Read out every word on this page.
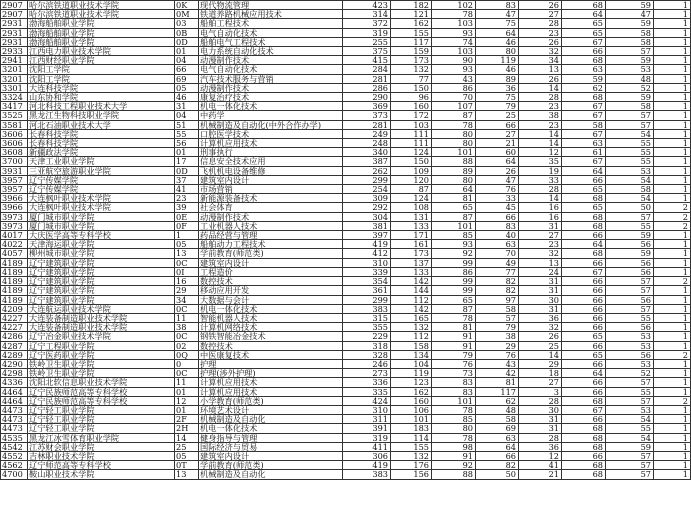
2907	哈尔滨铁道职业技术学院	0K	现代物流管理	423	182	102	83	26	68	59	1
2907	哈尔滨铁道职业技术学院	0M	铁道养路机械应用技术	314	121	78	47	27	64	47	1
2931	渤海船舶职业学院	03	船舶工程技术	372	162	103	75	28	65	59	1
2931	渤海船舶职业学院	0B	电气自动化技术	319	155	93	64	23	65	58	1
2931	渤海船舶职业学院	0D	船舶电气工程技术	255	117	74	46	26	67	58	1
2933	江西电力职业技术学院	01	电力系统自动化技术	375	159	103	80	32	66	57	1
2941	江西财经职业学院	04	动漫制作技术	415	173	90	119	34	68	59	1
3201	沈阳工学院	66	电气自动化技术	284	132	93	46	13	63	53	1
3201	沈阳工学院	69	汽车技术服务与营销	281	77	43	89	26	59	48	1
3301	大连科技学院	05	动漫制作技术	286	150	86	36	14	62	52	1
3324	山东协和学院	46	康复治疗技术	290	96	70	75	28	68	59	1
3417	河北科技工程职业技术大学	31	机电一体化技术	369	160	107	79	23	67	58	1
3525	黑龙江生物科技职业学院	04	中药学	373	172	87	25	38	67	57	1
3581	河北石油职业技术大学	51	机械制造及自动化(中外合作办学)	281	103	78	66	23	58	57	1
3606	长春科技学院	55	口腔医学技术	249	111	80	27	14	67	54	1
3606	长春科技学院	56	计算机应用技术	248	111	80	21	14	63	55	1
3608	新疆政法学院	01	刑事执行	340	124	101	60	12	61	55	1
3700	天津工业职业学院	17	信息安全技术应用	387	150	88	64	35	67	55	1
3931	三亚航空旅游职业学院	0D	飞机机电设备维修	262	109	89	26	19	64	53	1
3957	辽宁传媒学院	37	建筑室内设计	299	120	80	47	33	66	54	1
3957	辽宁传媒学院	41	市场营销	254	87	64	76	28	65	58	1
3966	大连枫叶职业技术学院	23	新能源装备技术	309	124	81	33	14	68	54	1
3966	大连枫叶职业技术学院	39	社会体育	292	108	65	45	16	65	50	2
3973	厦门城市职业学院	0E	动漫制作技术	304	131	87	66	16	68	57	2
3973	厦门城市职业学院	0F	工业机器人技术	381	133	101	83	31	68	55	2
4017	大庆医学高等专科学校	1	药品经营与管理	397	171	85	40	27	66	59	1
4022	天津海运职业学院	05	船舶动力工程技术	419	161	93	63	23	64	56	1
4057	柳州城市职业学院	13	学前教育(师范类)	412	173	92	70	32	68	59	1
4189	辽宁建筑职业学院	0C	建筑室内设计	310	137	99	49	13	66	56	1
4189	辽宁建筑职业学院	0I	工程造价	339	133	86	77	24	67	56	1
4189	辽宁建筑职业学院	16	数控技术	354	142	99	82	31	66	57	2
4189	辽宁建筑职业学院	29	移动应用开发	361	144	99	82	31	66	57	1
4189	辽宁建筑职业学院	34	大数据与会计	299	112	65	97	30	66	56	1
4209	大连航运职业技术学院	0C	机电一体化技术	383	142	87	58	31	66	57	1
4227	大连装备制造职业技术学院	11	智能机器人技术	315	165	78	57	36	66	55	1
4227	大连装备制造职业技术学院	38	计算机网络技术	355	132	81	79	32	66	56	1
4286	辽宁冶金职业技术学院	0C	钢铁智能冶金技术	229	112	91	38	26	65	53	1
4287	辽宁工程职业学院	02	数控技术	318	158	91	29	25	66	53	1
4289	辽宁医药职业学院	0Q	中医康复技术	328	134	79	76	14	65	56	2
4290	铁岭卫生职业学院	0	护理	246	104	76	43	29	66	53	1
4298	铁岭卫生职业学院	0C	护理(涉外护理)	273	119	73	42	18	64	52	1
4336	沈阳北软信息职业技术学院	11	计算机应用技术	336	123	83	81	27	66	57	1
4464	辽宁民族师范高等专科学校	01	计算机应用技术	335	162	83	117	3	66	55	1
4464	辽宁民族师范高等专科学校	12	小学教育(师范类)	424	160	101	62	28	68	57	2
4473	辽宁轻工职业学院	01	环境艺术设计	310	106	78	48	30	67	53	1
4473	辽宁轻工职业学院	2F	机械制造及自动化	311	101	85	58	31	66	54	1
4473	辽宁轻工职业学院	2H	机电一体化技术	391	183	80	69	31	68	55	1
4535	黑龙江冰雪体育职业学院	14	健身指导与管理	319	114	78	63	28	68	54	1
4542	江苏财会职业学院	25	国际经济与贸易	411	155	98	64	36	68	59	1
4552	吉林职业技术学院	05	建筑室内设计	306	132	91	66	12	66	57	1
4562	辽宁师范高等专科学校	0T	学前教育(师范类)	419	176	92	82	41	68	57	1
4700	鞍山职业技术学院	13	机械制造及自动化	383	156	88	50	21	68	57	1
